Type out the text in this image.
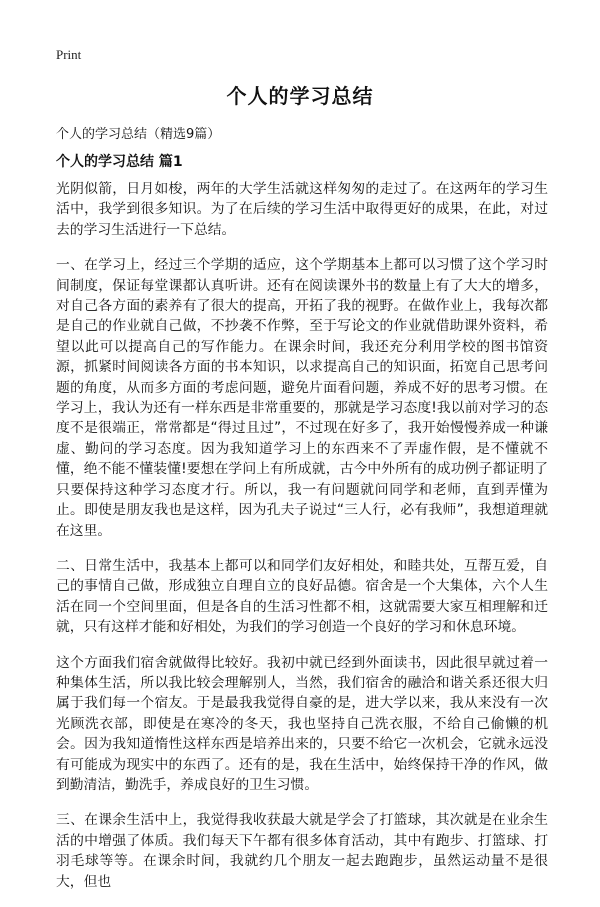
Print
个人的学习总结
个人的学习总结（精选9篇）
个人的学习总结 篇1

光阴似箭，日月如梭，两年的大学生活就这样匆匆的走过了。在这两年的学习生活中，我学到很多知识。为了在后续的学习生活中取得更好的成果，在此，对过去的学习生活进行一下总结。

一、在学习上，经过三个学期的适应，这个学期基本上都可以习惯了这个学习时间制度，保证每堂课都认真听讲。还有在阅读课外书的数量上有了大大的增多，对自己各方面的素养有了很大的提高，开拓了我的视野。在做作业上，我每次都是自己的作业就自己做，不抄袭不作弊，至于写论文的作业就借助课外资料，希望以此可以提高自己的写作能力。在课余时间，我还充分利用学校的图书馆资源，抓紧时间阅读各方面的书本知识，以求提高自己的知识面，拓宽自己思考问题的角度，从而多方面的考虑问题，避免片面看问题，养成不好的思考习惯。在学习上，我认为还有一样东西是非常重要的，那就是学习态度!我以前对学习的态度不是很端正，常常都是“得过且过”，不过现在好多了，我开始慢慢养成一种谦虚、勤问的学习态度。因为我知道学习上的东西来不了弄虚作假，是不懂就不懂，绝不能不懂装懂!要想在学问上有所成就，古今中外所有的成功例子都证明了只要保持这种学习态度才行。所以，我一有问题就问同学和老师，直到弄懂为止。即使是朋友我也是这样，因为孔夫子说过“三人行，必有我师”，我想道理就在这里。

二、日常生活中，我基本上都可以和同学们友好相处，和睦共处，互帮互爱，自己的事情自己做，形成独立自理自立的良好品德。宿舍是一个大集体，六个人生活在同一个空间里面，但是各自的生活习性都不相，这就需要大家互相理解和迁就，只有这样才能和好相处，为我们的学习创造一个良好的学习和休息环境。

这个方面我们宿舍就做得比较好。我初中就已经到外面读书，因此很早就过着一种集体生活，所以我比较会理解别人，当然，我们宿舍的融洽和谐关系还很大归属于我们每一个宿友。于是最我我觉得自豪的是，进大学以来，我从来没有一次光顾洗衣部，即使是在寒冷的冬天，我也坚持自己洗衣服，不给自己偷懒的机会。因为我知道惰性这样东西是培养出来的，只要不给它一次机会，它就永远没有可能成为现实中的东西了。还有的是，我在生活中，始终保持干净的作风，做到勤清洁，勤洗手，养成良好的卫生习惯。

三、在课余生活中上，我觉得我收获最大就是学会了打篮球，其次就是在业余生活的中增强了体质。我们每天下午都有很多体育活动，其中有跑步、打篮球、打羽毛球等等。在课余时间，我就约几个朋友一起去跑跑步，虽然运动量不是很大，但也
